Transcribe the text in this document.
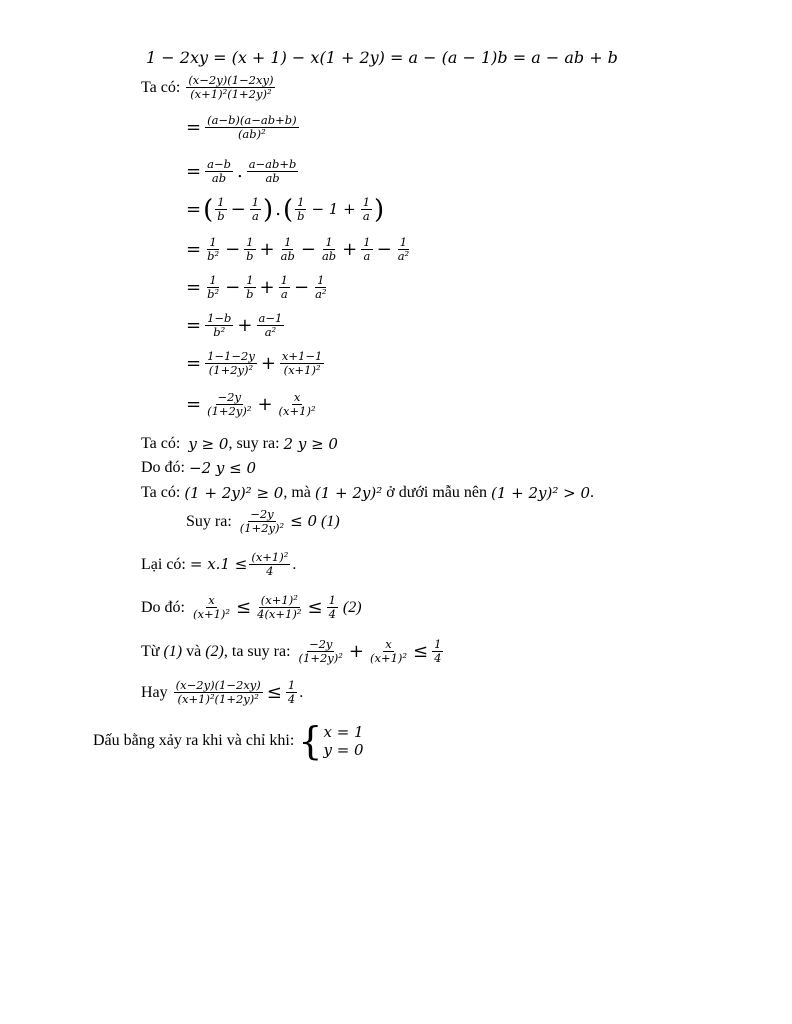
1 − 2xy = (x + 1) − x(1 + 2y) = a − (a − 1)b = a − ab + b
Ta có:
$\frac{(x-2y)(1-2xy)}{\text{(x+1)²(1+2y)²}}$
= $\frac{(a-b)(a-ab+b)}{\text{(ab)²}}$
= $\frac{a-b}{ab}$ . $\frac{a-ab+b}{ab}$
= ( $\frac{1}{b} - \frac{1}{a}$ ) . ( $\frac{1}{b} - 1 + \frac{1}{a}$ )
= $\frac{1}{\text{b²}} - \frac{1}{b} + \frac{1}{ab} - \frac{1}{ab} + \frac{1}{a} - \frac{1}{\text{a²}}$
= $\frac{1}{\text{b²}} - \frac{1}{b} + \frac{1}{a} - \frac{1}{\text{a²}}$
= $\frac{1-b}{\text{b²}} + \frac{a-1}{\text{a²}}$
= $\frac{1-1-2y}{\text{(1+2y)²}} + \frac{x+1-1}{\text{(x+1)²}}$
= $\frac{-2y}{\text{(1+2y)²}} + \frac{x}{\text{(x+1)²}}$
Ta có:
y ≥ 0 , suy ra:
2 y ≥ 0
Do đó:
−2 y ≤ 0
Ta có:
(1 + 2y)² ≥ 0 , mà
(1 + 2y)²
ở dưới mẫu nên
(1 + 2y)² > 0 .
Suy ra:
$\frac{-2y}{\text{(1+2y)²}} \le 0$
(1)
Lại có:
= $x.1 \le \frac{\text{(x+1)²}}{4}$ .
Do đó:
$\frac{x}{\text{(x+1)²}} \le \frac{\text{(x+1)²}}{\text{4(x+1)²}} \le \frac{1}{4} (2)$
Từ
(1)
và
(2) , ta suy ra:
$\frac{-2y}{\text{(1+2y)²}} + \frac{x}{\text{(x+1)²}} \le \frac{1}{4}$
Hay
$\frac{(x-2y)(1-2xy)}{\text{(x+1)²(1+2y)²}} \le \frac{1}{4}$ .
Dấu bằng xảy ra khi và chỉ khi:
{ x = 1
y = 0
